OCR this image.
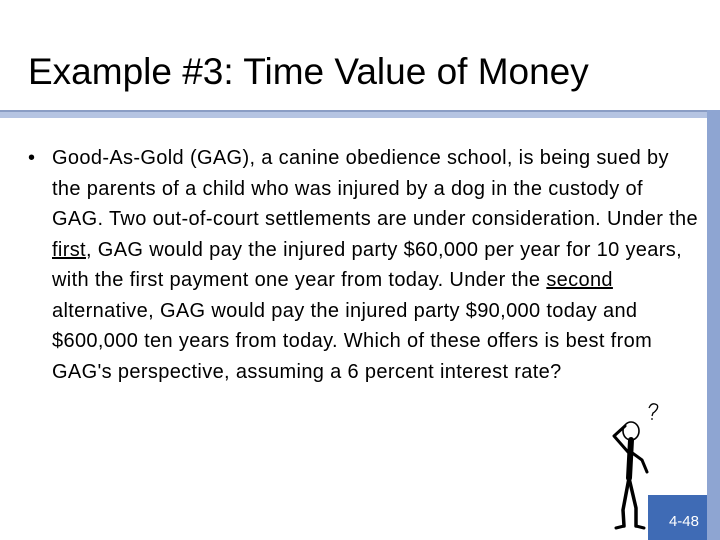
Example #3: Time Value of Money
• Good-As-Gold (GAG), a canine obedience school, is being sued by the parents of a child who was injured by a dog in the custody of GAG. Two out-of-court settlements are under consideration. Under the first, GAG would pay the injured party $60,000 per year for 10 years, with the first payment one year from today. Under the second alternative, GAG would pay the injured party $90,000 today and $600,000 ten years from today. Which of these offers is best from GAG's perspective, assuming a 6 percent interest rate?
4-48
